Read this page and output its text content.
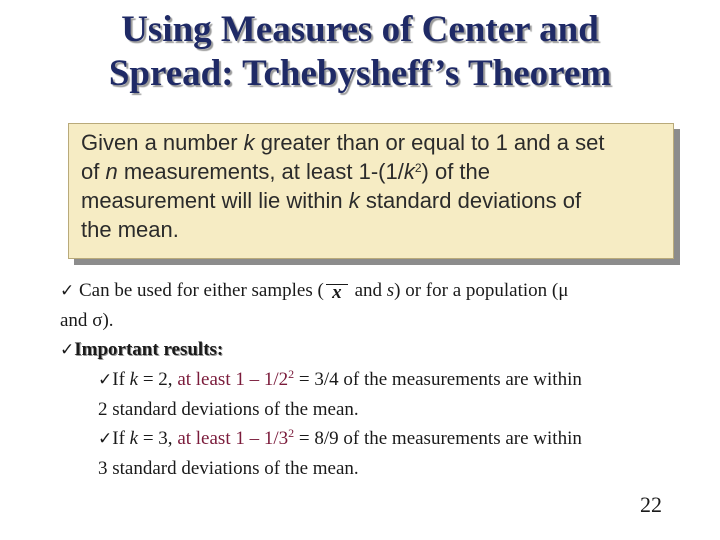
Using Measures of Center and
Spread: Tchebysheff’s Theorem

Given a number k greater than or equal to 1 and a set
of n measurements, at least $1-(1/k^2)$ of the
measurement will lie within k standard deviations of
the mean.

✓ Can be used for either samples ( x and s) or for a population (μ
and σ).
✓Important results:
✓If k = 2, at least $1 - 1/2^2 = 3/4$ of the measurements are within
2 standard deviations of the mean.
✓If k = 3, at least $1 - 1/3^2 = 8/9$ of the measurements are within
3 standard deviations of the mean.
22
